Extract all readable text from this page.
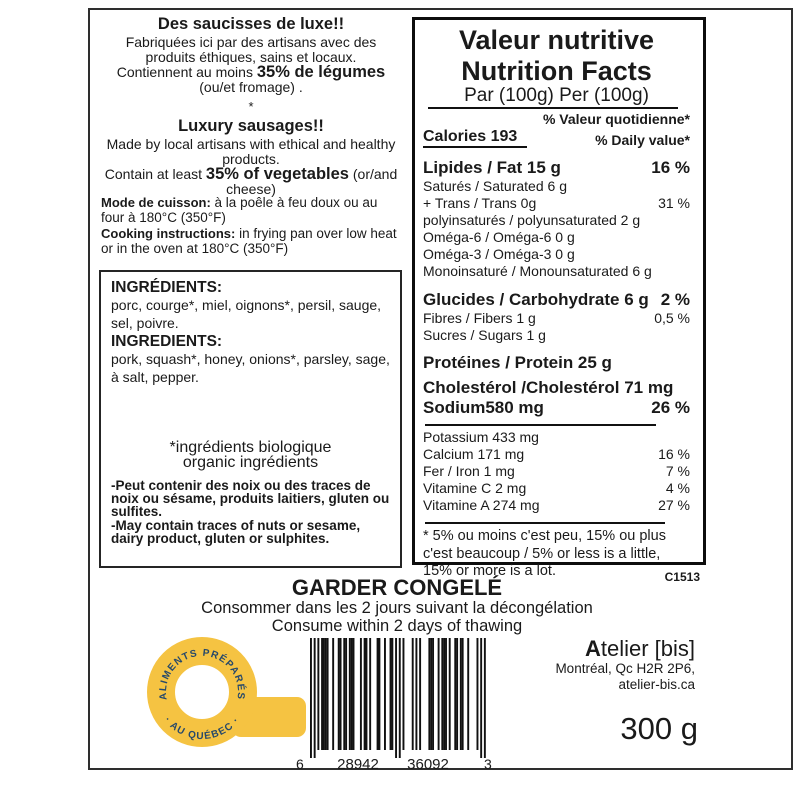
Des saucisses de luxe!!

Fabriquées ici par des artisans avec des produits éthiques, sains et locaux.

Contiennent au moins 35% de légumes (ou/et fromage) .

*

Luxury sausages!!

Made by local artisans with ethical and healthy products.

Contain at least 35% of vegetables (or/and cheese)

Mode de cuisson: à la poêle à feu doux ou au four à 180°C (350°F)

Cooking instructions: in frying pan over low heat or in the oven at 180°C (350°F)

INGRÉDIENTS:

porc, courge*, miel, oignons*, persil, sauge, sel, poivre.

INGREDIENTS:

pork, squash*, honey, onions*, parsley, sage, à salt, pepper.

*ingrédients biologique
organic ingrédients

-Peut contenir des noix ou des traces de noix ou sésame, produits laitiers, gluten ou sulfites.

-May contain traces of nuts or sesame, dairy product, gluten or sulphites.

Valeur nutritive

Nutrition Facts

Par (100g) Per (100g)

% Valeur quotidienne*

Calories 193	% Daily value*
Lipides / Fat 15 g	16 %
Saturés / Saturated 6 g
+ Trans / Trans 0g	31 %
polyinsaturés / polyunsaturated 2 g
Oméga-6 / Oméga-6 0 g
Oméga-3 / Oméga-3 0 g
Monoinsaturé / Monounsaturated 6 g
Glucides / Carbohydrate 6 g 2 %
Fibres / Fibers 1 g	0,5 %
Sucres / Sugars 1 g
Protéines / Protein 25 g
Cholestérol /Cholestérol 71 mg
Sodium580 mg	26 %
Potassium 433 mg
Calcium 171 mg	16 %
Fer / Iron 1 mg	7 %
Vitamine C 2 mg	4 %
Vitamine A 274 mg	27 %

* 5% ou moins c'est peu, 15% ou plus c'est beaucoup / 5% or less is a little, 15% or more is a lot.	C1513

GARDER CONGELÉ

Consommer dans les 2 jours suivant la décongélation

Consume within 2 days of thawing

ALIMENTS PRÉPARÉS
· AU QUÉBEC ·
6 28942 36092	3
Atelier [bis]

Montréal, Qc H2R 2P6,

atelier-bis.ca

300 g
